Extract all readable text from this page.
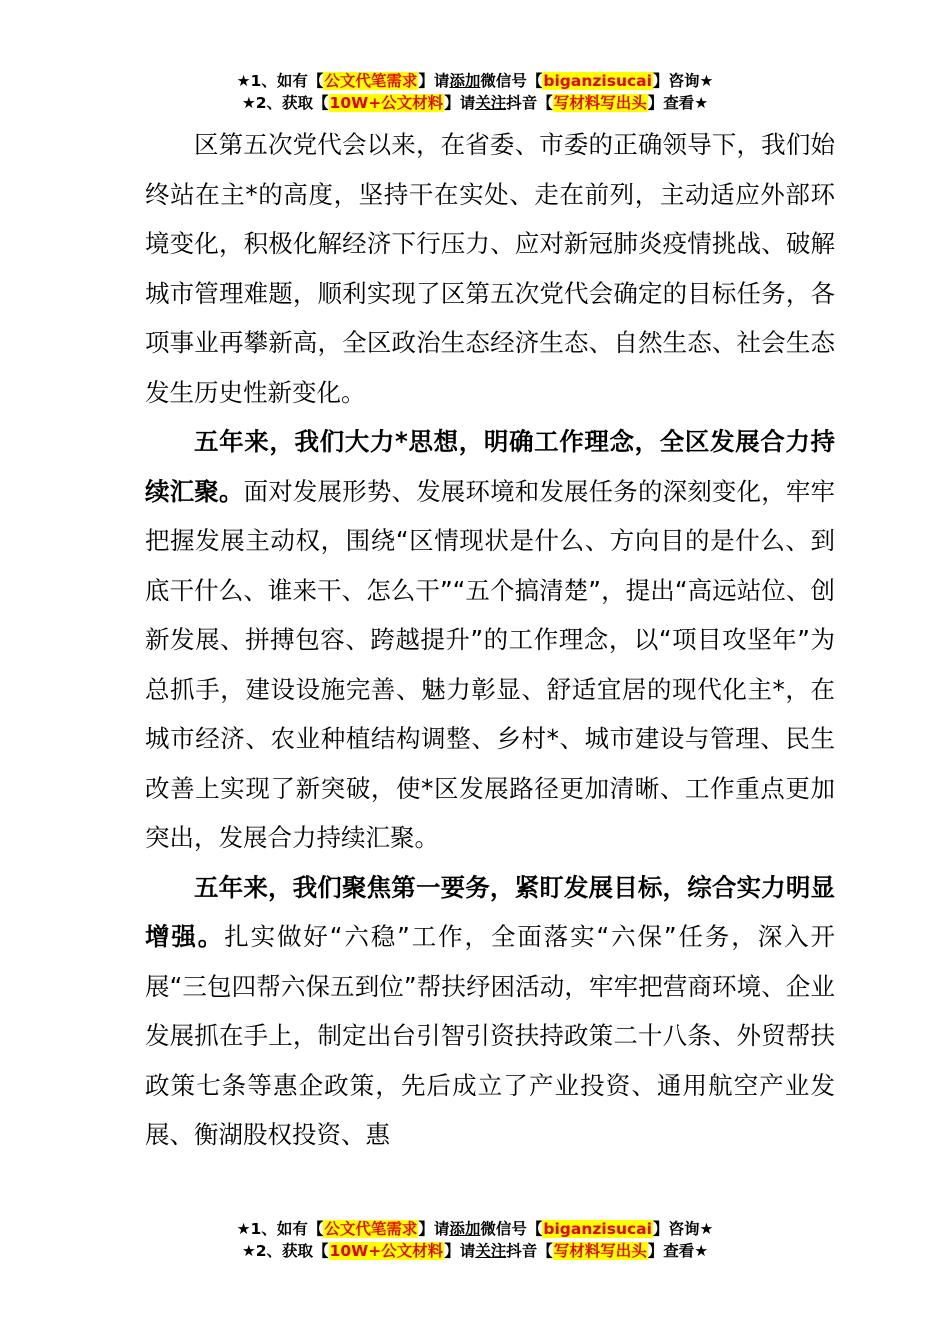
★1、如有【公文代笔需求】请添加微信号【biganzisucai】咨询★
★2、获取【10W+公文材料】请关注抖音【写材料写出头】查看★

区第五次党代会以来，在省委、市委的正确领导下，我们始终站在主*的高度，坚持干在实处、走在前列，主动适应外部环境变化，积极化解经济下行压力、应对新冠肺炎疫情挑战、破解城市管理难题，顺利实现了区第五次党代会确定的目标任务，各项事业再攀新高，全区政治生态经济生态、自然生态、社会生态发生历史性新变化。

五年来，我们大力*思想，明确工作理念，全区发展合力持续汇聚。面对发展形势、发展环境和发展任务的深刻变化，牢牢把握发展主动权，围绕“区情现状是什么、方向目的是什么、到底干什么、谁来干、怎么干”“五个搞清楚”，提出“高远站位、创新发展、拼搏包容、跨越提升”的工作理念，以“项目攻坚年”为总抓手，建设设施完善、魅力彰显、舒适宜居的现代化主*，在城市经济、农业种植结构调整、乡村*、城市建设与管理、民生改善上实现了新突破，使*区发展路径更加清晰、工作重点更加突出，发展合力持续汇聚。

五年来，我们聚焦第一要务，紧盯发展目标，综合实力明显增强。扎实做好“六稳”工作，全面落实“六保”任务，深入开展“三包四帮六保五到位”帮扶纾困活动，牢牢把营商环境、企业发展抓在手上，制定出台引智引资扶持政策二十八条、外贸帮扶政策七条等惠企政策，先后成立了产业投资、通用航空产业发展、衡湖股权投资、惠

★1、如有【公文代笔需求】请添加微信号【biganzisucai】咨询★
★2、获取【10W+公文材料】请关注抖音【写材料写出头】查看★
